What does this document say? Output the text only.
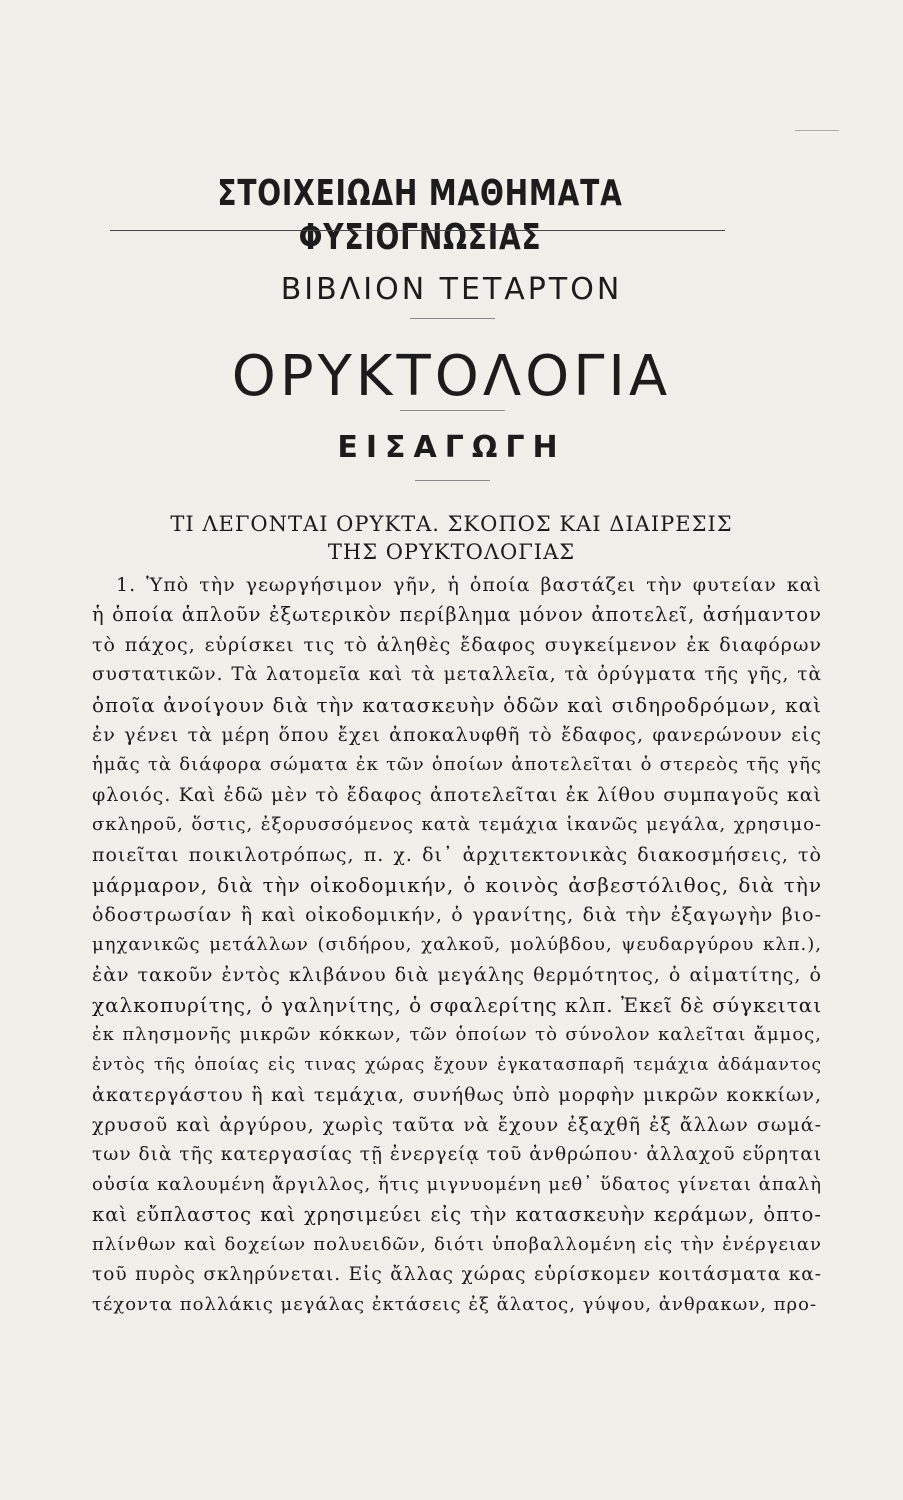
ΣΤΟΙΧΕΙΩΔΗ ΜΑΘΗΜΑΤΑ ΦΥΣΙΟΓΝΩΣΙΑΣ
ΒΙΒΛΙΟΝ ΤΕΤΑΡΤΟΝ
ΟΡΥΚΤΟΛΟΓΙΑ
ΕΙΣΑΓΩΓΗ
ΤΙ ΛΕΓΟΝΤΑΙ ΟΡΥΚΤΑ. ΣΚΟΠΟΣ ΚΑΙ ΔΙΑΙΡΕΣΙΣ
ΤΗΣ ΟΡΥΚΤΟΛΟΓΙΑΣ
1. Ὑπὸ τὴν γεωργήσιμον γῆν, ἡ ὁποία βαστάζει τὴν φυτείαν καὶ
ἡ ὁποία ἁπλοῦν ἐξωτερικὸν περίβλημα μόνον ἀποτελεῖ, ἀσήμαντον
τὸ πάχος, εὑρίσκει τις τὸ ἀληθὲς ἔδαφος συγκείμενον ἐκ διαφόρων
συστατικῶν. Τὰ λατομεῖα καὶ τὰ μεταλλεῖα, τὰ ὀρύγματα τῆς γῆς, τὰ
ὁποῖα ἀνοίγουν διὰ τὴν κατασκευὴν ὁδῶν καὶ σιδηροδρόμων, καὶ
ἐν γένει τὰ μέρη ὅπου ἔχει ἀποκαλυφθῆ τὸ ἔδαφος, φανερώνουν εἰς
ἡμᾶς τὰ διάφορα σώματα ἐκ τῶν ὁποίων ἀποτελεῖται ὁ στερεὸς τῆς γῆς
φλοιός. Καὶ ἐδῶ μὲν τὸ ἔδαφος ἀποτελεῖται ἐκ λίθου συμπαγοῦς καὶ
σκληροῦ, ὅστις, ἐξορυσσόμενος κατὰ τεμάχια ἱκανῶς μεγάλα, χρησιμο-
ποιεῖται ποικιλοτρόπως, π. χ. δι᾽ ἀρχιτεκτονικὰς διακοσμήσεις, τὸ
μάρμαρον, διὰ τὴν οἰκοδομικήν, ὁ κοινὸς ἀσβεστόλιθος, διὰ τὴν
ὁδοστρωσίαν ἢ καὶ οἰκοδομικήν, ὁ γρανίτης, διὰ τὴν ἐξαγωγὴν βιο-
μηχανικῶς μετάλλων (σιδήρου, χαλκοῦ, μολύβδου, ψευδαργύρου κλπ.),
ἐὰν τακοῦν ἐντὸς κλιβάνου διὰ μεγάλης θερμότητος, ὁ αἱματίτης, ὁ
χαλκοπυρίτης, ὁ γαληνίτης, ὁ σφαλερίτης κλπ. Ἐκεῖ δὲ σύγκειται
ἐκ πλησμονῆς μικρῶν κόκκων, τῶν ὁποίων τὸ σύνολον καλεῖται ἄμμος,
ἐντὸς τῆς ὁποίας εἰς τινας χώρας ἔχουν ἐγκατασπαρῆ τεμάχια ἀδάμαντος
ἀκατεργάστου ἢ καὶ τεμάχια, συνήθως ὑπὸ μορφὴν μικρῶν κοκκίων,
χρυσοῦ καὶ ἀργύρου, χωρὶς ταῦτα νὰ ἔχουν ἐξαχθῆ ἐξ ἄλλων σωμά-
των διὰ τῆς κατεργασίας τῇ ἐνεργείᾳ τοῦ ἀνθρώπου· ἀλλαχοῦ εὕρηται
οὐσία καλουμένη ἄργιλλος, ἥτις μιγνυομένη μεθ᾽ ὕδατος γίνεται ἁπαλὴ
καὶ εὔπλαστος καὶ χρησιμεύει εἰς τὴν κατασκευὴν κεράμων, ὀπτο-
πλίνθων καὶ δοχείων πολυειδῶν, διότι ὑποβαλλομένη εἰς τὴν ἐνέργειαν
τοῦ πυρὸς σκληρύνεται. Εἰς ἄλλας χώρας εὑρίσκομεν κοιτάσματα κα-
τέχοντα πολλάκις μεγάλας ἐκτάσεις ἐξ ἅλατος, γύψου, ἀνθρακων, προ-
